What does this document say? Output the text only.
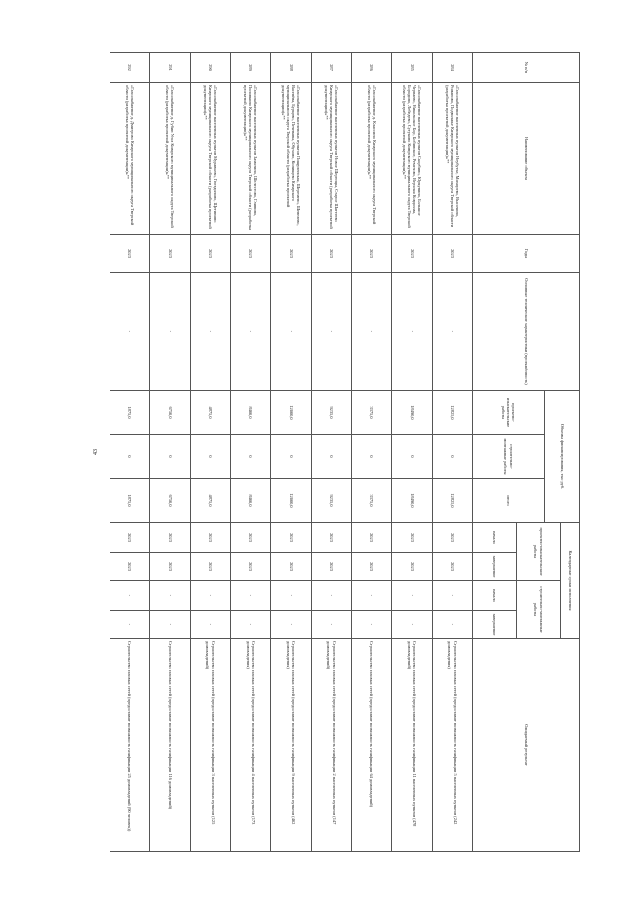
43
№ п/п
Наименование объекта
Годы
Основные технические характеристики (протяжённость)
Объемы финансирования, тыс руб.
проектно-изыскательские работы
строительно-монтажные работы
итого
Календарные сроки исполнения
проектно-изыскательские работы
строительно-монтажные работы
начало
завершение
начало
завершение
Ожидаемый результат
284
«Газоснабжение населенных пунктов Неубутье, Михирево, Высочино, Романово, Подволжье Кимрского муниципального округа Тверской области (разработка проектной документации)»**
2023
-
12825,0
0
12825,0
2023
2023
-
-
Строительство газовых сетей (предоставит возможность газификации 5 населенных пунктов (242 домовладения)
285
«Газоснабжение населенных пунктов Скорбино, Юркунино, Большое Черпаево, Никольское Бор, Бобинское, Ремезово, Верхняя Ковдохма, Бородино, Лебедево, Сутуково Кимрского муниципального округа Тверской области (разработка проектной документации)»**
2023
-
18490,0
0
18490,0
2023
2023
-
-
Строительство газовых сетей (предоставит возможность газификации 11 населенных пунктов (478 домовладений)
286
«Газоснабжение д. Классино Кимрского муниципального округа Тверской области (разработка проектной документации)»**
2023
-
3375,0
0
3375,0
2023
2023
-
-
Строительство газовых сетей (предоставит возможность газификации 64 домовладений)
287
«Газоснабжение населенных пунктов Новое Шерепцы, Старое Шаттеево Кимрского муниципального округа Тверской области (разработка проектной документации)»**
2023
-
9235,0
0
9235,0
2023
2023
-
-
Строительство газовых сетей (предоставит возможность газификации 2 населенных пунктов (147 домовладений)
288
«Газоснабжение населенных пунктов Пищуленская, Шеремено, Шевелево, Васенёва, Бурцево, Печеваны, Обухово, Конищево Кимрского муниципального округа Тверской области (разработка проектной документации)»**
2023
-
12000,0
0
12000,0
2023
2023
-
-
Строительство газовых сетей (предоставит возможность газификации 9 населенных пунктов (402 домовладения)
289
«Газоснабжение населенных пунктов Замятино, Шелестово, Глинино, Поповкино Кимрского муниципального округа Тверской области (разработка проектной документации)»**
2023
-
8400,0
0
8400,0
2023
2023
-
-
Строительство газовых сетей (предоставит возможность газификации 4 населенных пунктов (173 домовладения)
290
«Газоснабжение населенных пунктов Муравьево, Гнездилово, Щетинино Кимрского муниципального округа Тверской области (разработка проектной документации)»**
2023
-
4875,0
0
4875,0
2023
2023
-
-
Строительство газовых сетей (предоставит возможность газификации 3 населенных пунктов (125 домовладений)
291
«Газоснабжение д. Губин Угол Кимрского муниципального округа Тверской области (разработка проектной документации)»**
2023
-
6750,0
0
6750,0
2023
2023
-
-
Строительство газовых сетей (предоставит возможность газификации 116 домовладений)
292
«Газоснабжение д. Дмитрово Кимрского муниципального округа Тверской области (разработка проектной документации)»**
2023
-
1875,0
0
1875,0
2023
2023
-
-
Строительство газовых сетей (предоставит возможность газификации 25 домовладений (90 человек))
